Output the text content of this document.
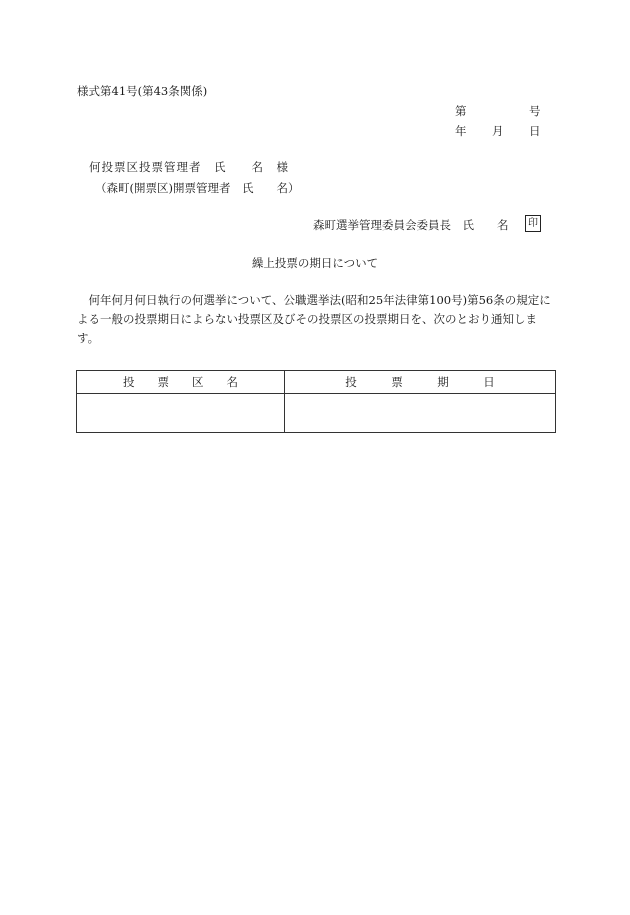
様式第41号(第43条関係)

第

	号

年

月

日

何投票区投票管理者　氏　　名　様
（森町(開票区)開票管理者　氏　　名）
森町選挙管理委員会委員長　氏　　名	印
繰上投票の期日について
何年何月何日執行の何選挙について、公職選挙法(昭和25年法律第100号)第56条の規定による一般の投票期日によらない投票区及びその投票区の投票期日を、次のとおり通知します。
投　　票　　区　　名	投　　　票　　　期　　　日
